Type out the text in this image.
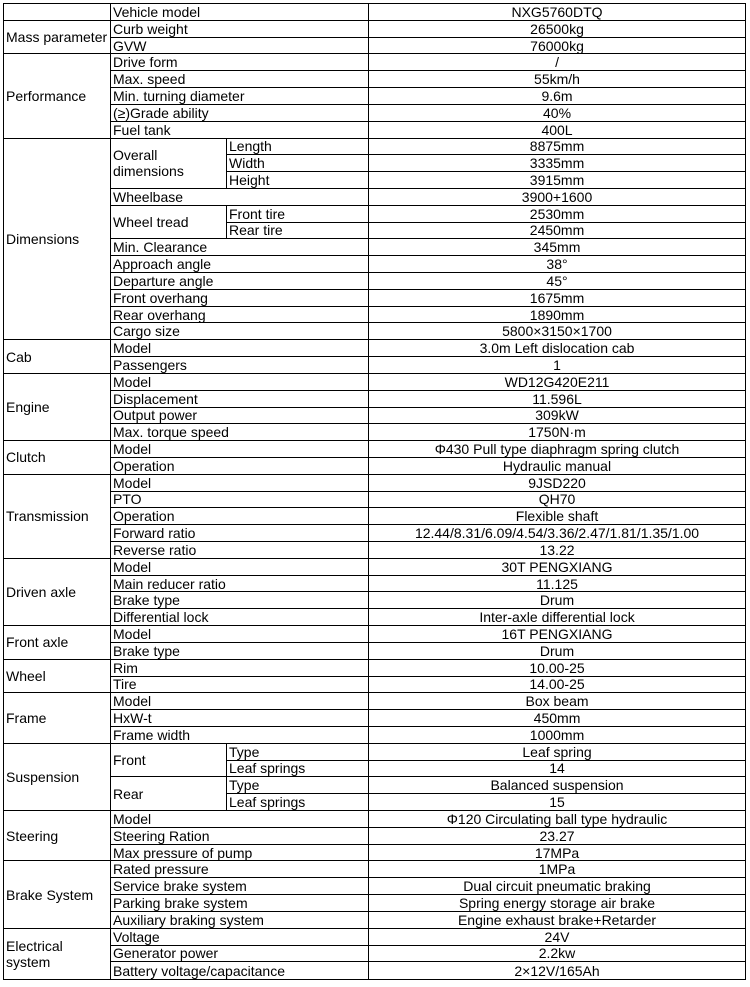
	Vehicle model		NXG5760DTQ
Mass parameter	Curb weight		26500kg
	GVW		76000kg
Performance	Drive form		/
	Max. speed		55km/h
	Min. turning diameter		9.6m
	(≥)Grade ability		40%
	Fuel tank		400L
Dimensions	Overall dimensions	Length	8875mm
		Width	3335mm
		Height	3915mm
	Wheelbase		3900+1600
	Wheel tread	Front tire	2530mm
		Rear tire	2450mm
	Min. Clearance		345mm
	Approach angle		38°
	Departure angle		45°
	Front overhang		1675mm
	Rear overhang		1890mm
	Cargo size		5800×3150×1700
Cab	Model		3.0m Left dislocation cab
	Passengers		1
Engine	Model		WD12G420E211
	Displacement		11.596L
	Output power		309kW
	Max. torque speed		1750N·m
Clutch	Model		Φ430 Pull type diaphragm spring clutch
	Operation		Hydraulic manual
Transmission	Model		9JSD220
	PTO		QH70
	Operation		Flexible shaft
	Forward ratio		12.44/8.31/6.09/4.54/3.36/2.47/1.81/1.35/1.00
	Reverse ratio		13.22
Driven axle	Model		30T PENGXIANG
	Main reducer ratio		11.125
	Brake type		Drum
	Differential lock		Inter-axle differential lock
Front axle	Model		16T PENGXIANG
	Brake type		Drum
Wheel	Rim		10.00-25
	Tire		14.00-25
Frame	Model		Box beam
	HxW-t		450mm
	Frame width		1000mm
Suspension	Front	Type	Leaf spring
		Leaf springs	14
	Rear	Type	Balanced suspension
		Leaf springs	15
Steering	Model		Φ120 Circulating ball type hydraulic
	Steering Ration		23.27
	Max pressure of pump		17MPa
Brake System	Rated pressure		1MPa
	Service brake system		Dual circuit pneumatic braking
	Parking brake system		Spring energy storage air brake
	Auxiliary braking system		Engine exhaust brake+Retarder
Electrical system	Voltage		24V
	Generator power		2.2kw
	Battery voltage/capacitance		2×12V/165Ah
